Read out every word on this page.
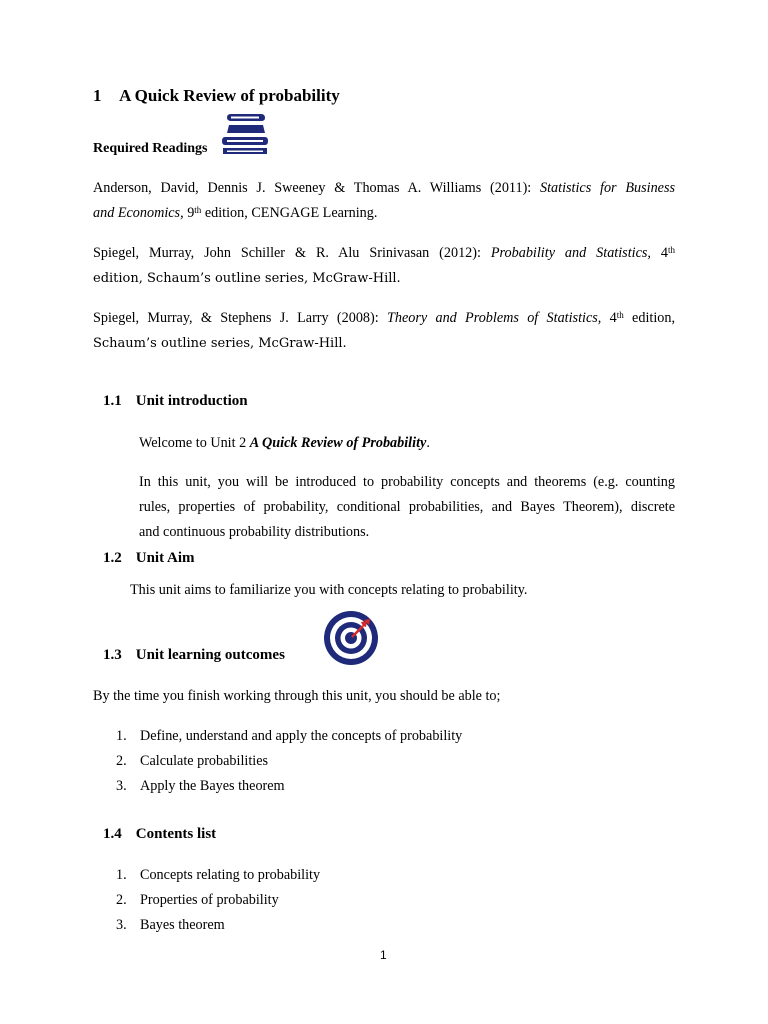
1 A Quick Review of probability
Required Readings
Anderson, David, Dennis J. Sweeney & Thomas A. Williams (2011): Statistics for Business
and Economics, 9th edition, CENGAGE Learning.
Spiegel, Murray, John Schiller & R. Alu Srinivasan (2012): Probability and Statistics, 4th
edition, Schaum’s outline series, McGraw-Hill.
Spiegel, Murray, & Stephens J. Larry (2008): Theory and Problems of Statistics, 4th edition,
Schaum’s outline series, McGraw-Hill.
1.1 Unit introduction
Welcome to Unit 2 A Quick Review of Probability.
In this unit, you will be introduced to probability concepts and theorems (e.g. counting
rules, properties of probability, conditional probabilities, and Bayes Theorem), discrete
and continuous probability distributions.
1.2 Unit Aim
This unit aims to familiarize you with concepts relating to probability.
1.3 Unit learning outcomes
By the time you finish working through this unit, you should be able to;
1. Define, understand and apply the concepts of probability
2. Calculate probabilities
3. Apply the Bayes theorem
1.4 Contents list
1. Concepts relating to probability
2. Properties of probability
3. Bayes theorem
1
